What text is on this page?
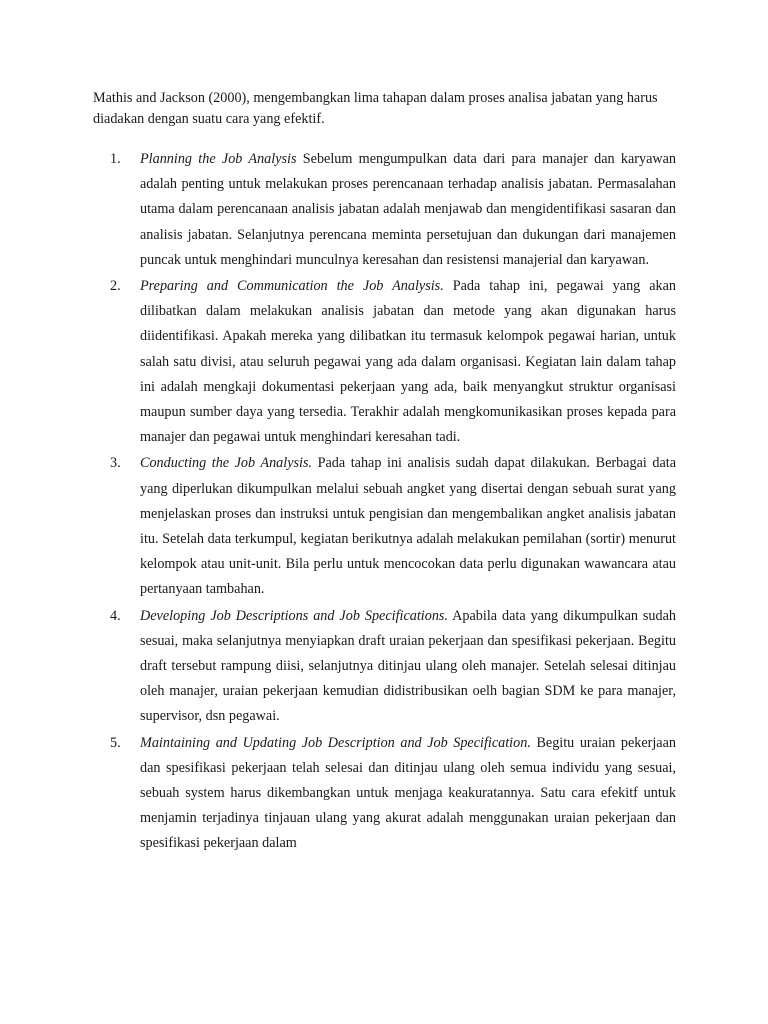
Mathis and Jackson (2000), mengembangkan lima tahapan dalam proses analisa jabatan yang harus diadakan dengan suatu cara yang efektif.

1.	Planning the Job Analysis Sebelum mengumpulkan data dari para manajer dan karyawan adalah penting untuk melakukan proses perencanaan terhadap analisis jabatan. Permasalahan utama dalam perencanaan analisis jabatan adalah menjawab dan mengidentifikasi sasaran dan analisis jabatan. Selanjutnya perencana meminta persetujuan dan dukungan dari manajemen puncak untuk menghindari munculnya keresahan dan resistensi manajerial dan karyawan.
2.	Preparing and Communication the Job Analysis. Pada tahap ini, pegawai yang akan dilibatkan dalam melakukan analisis jabatan dan metode yang akan digunakan harus diidentifikasi. Apakah mereka yang dilibatkan itu termasuk kelompok pegawai harian, untuk salah satu divisi, atau seluruh pegawai yang ada dalam organisasi. Kegiatan lain dalam tahap ini adalah mengkaji dokumentasi pekerjaan yang ada, baik menyangkut struktur organisasi maupun sumber daya yang tersedia. Terakhir adalah mengkomunikasikan proses kepada para manajer dan pegawai untuk menghindari keresahan tadi.
3.	Conducting the Job Analysis. Pada tahap ini analisis sudah dapat dilakukan. Berbagai data yang diperlukan dikumpulkan melalui sebuah angket yang disertai dengan sebuah surat yang menjelaskan proses dan instruksi untuk pengisian dan mengembalikan angket analisis jabatan itu. Setelah data terkumpul, kegiatan berikutnya adalah melakukan pemilahan (sortir) menurut kelompok atau unit-unit. Bila perlu untuk mencocokan data perlu digunakan wawancara atau pertanyaan tambahan.
4.	Developing Job Descriptions and Job Specifications. Apabila data yang dikumpulkan sudah sesuai, maka selanjutnya menyiapkan draft uraian pekerjaan dan spesifikasi pekerjaan. Begitu draft tersebut rampung diisi, selanjutnya ditinjau ulang oleh manajer. Setelah selesai ditinjau oleh manajer, uraian pekerjaan kemudian didistribusikan oelh bagian SDM ke para manajer, supervisor, dsn pegawai.
5.	Maintaining and Updating Job Description and Job Specification. Begitu uraian pekerjaan dan spesifikasi pekerjaan telah selesai dan ditinjau ulang oleh semua individu yang sesuai, sebuah system harus dikembangkan untuk menjaga keakuratannya. Satu cara efekitf untuk menjamin terjadinya tinjauan ulang yang akurat adalah menggunakan uraian pekerjaan dan spesifikasi pekerjaan dalam
